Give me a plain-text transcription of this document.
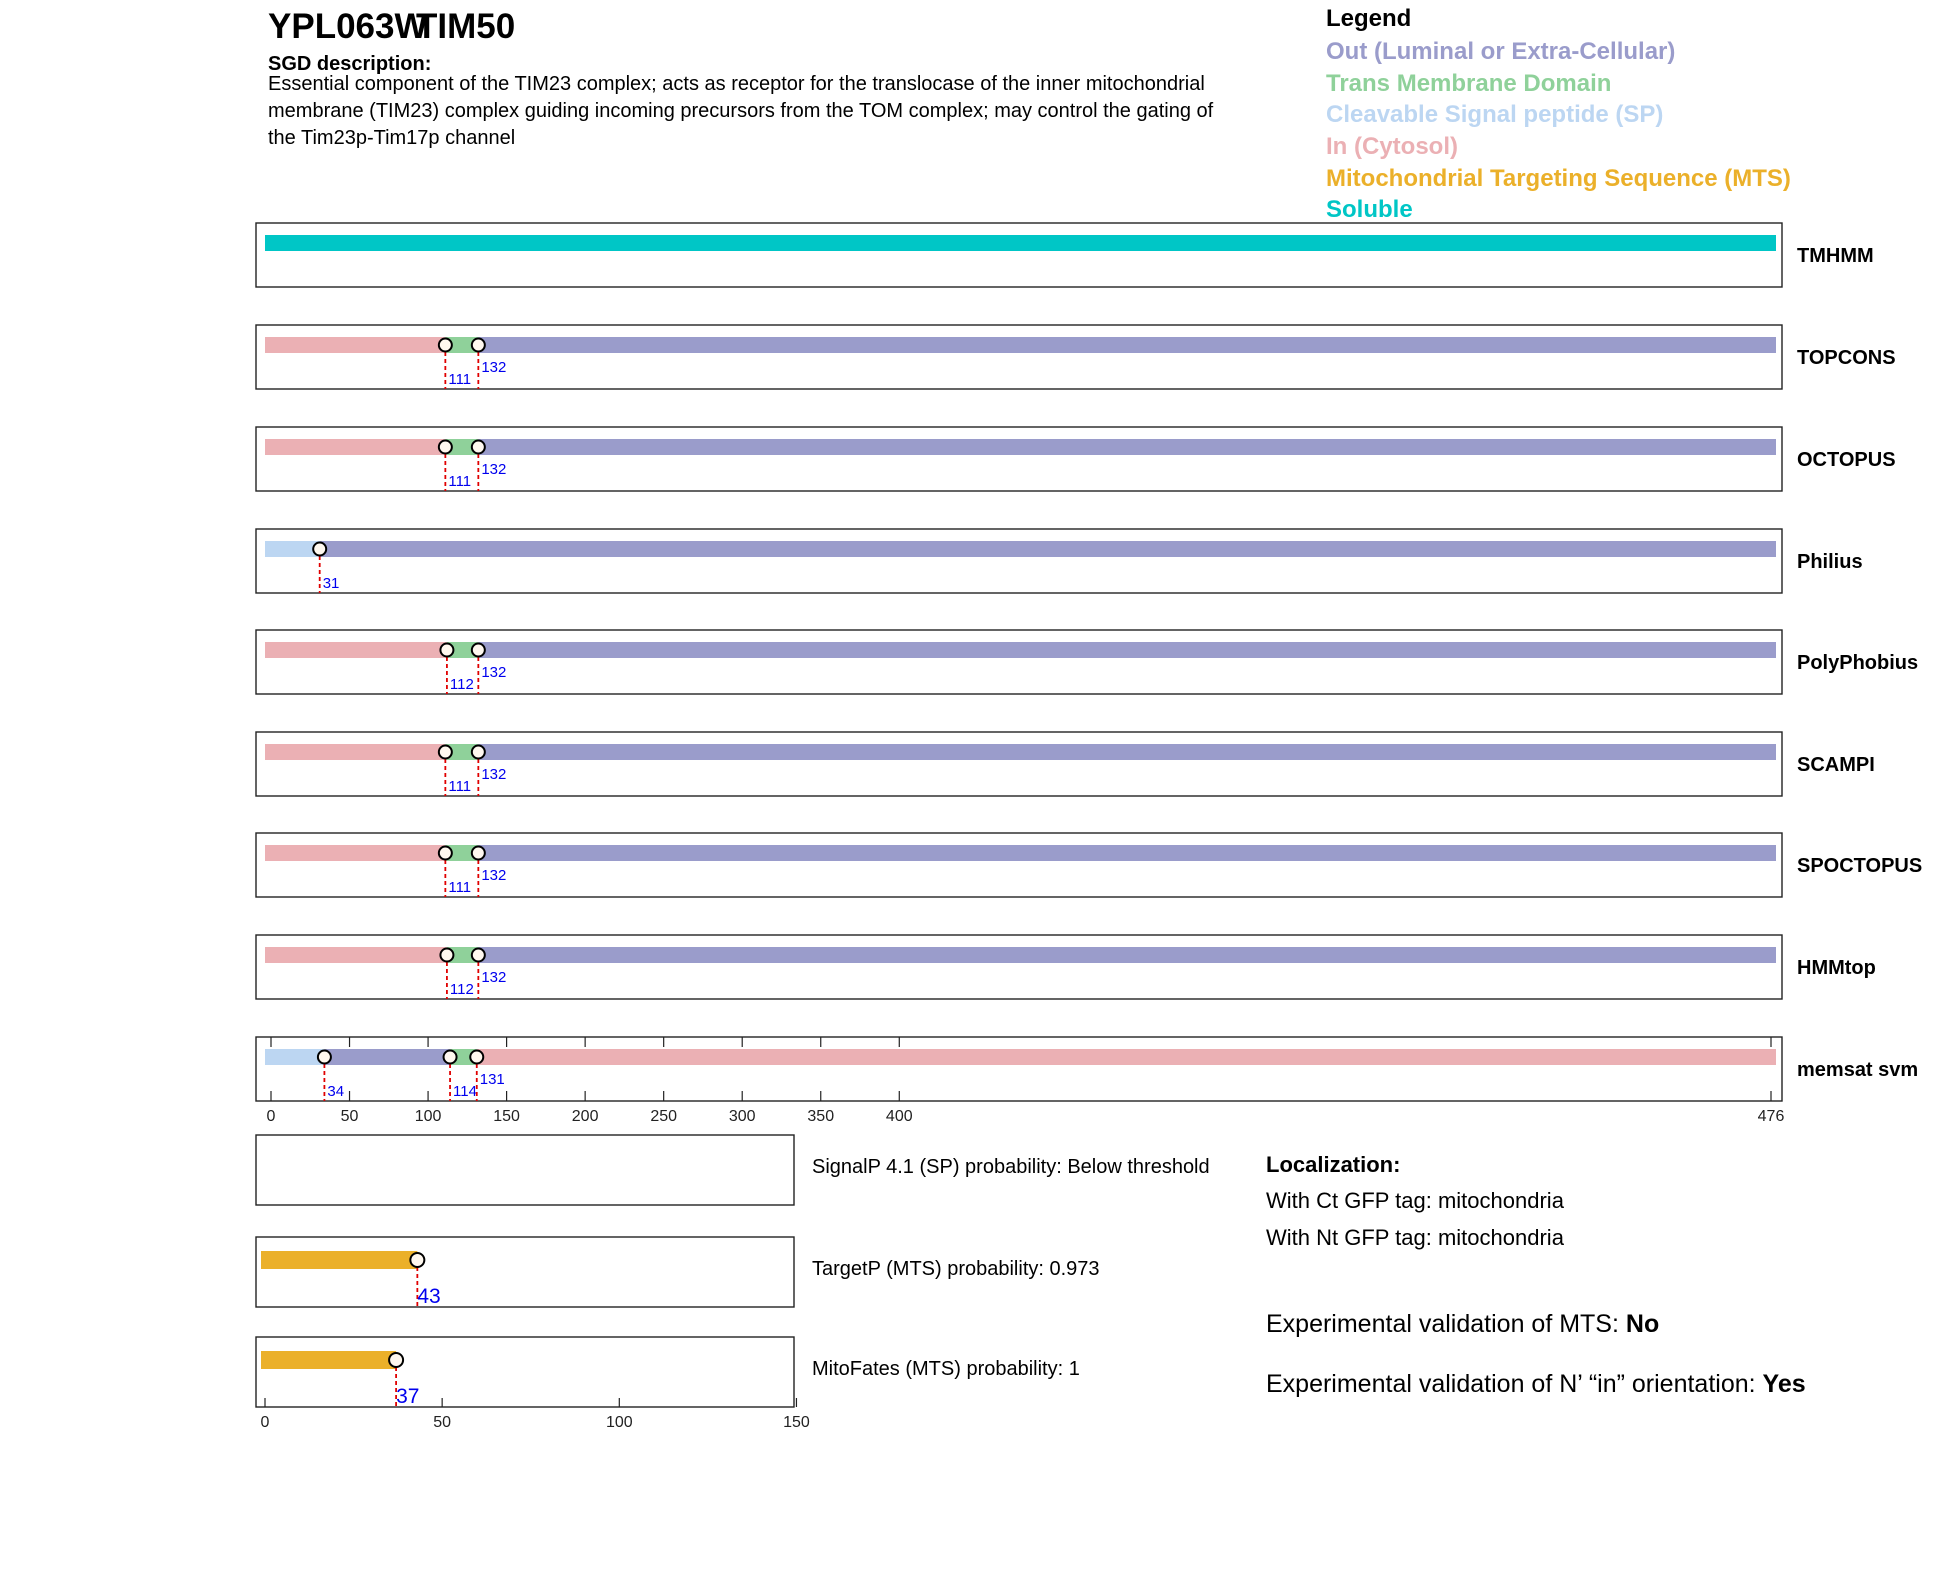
YPL063W
TIM50
SGD description:
Essential component of the TIM23 complex; acts as receptor for the translocase of the inner mitochondrial
membrane (TIM23) complex guiding incoming precursors from the TOM complex; may control the gating of
the Tim23p-Tim17p channel
Legend
Out (Luminal or Extra-Cellular)
Trans Membrane Domain
Cleavable Signal peptide (SP)
In (Cytosol)
Mitochondrial Targeting Sequence (MTS)
Soluble
TMHMM
111
132	TOPCONS
111
132	OCTOPUS
31
Philius
112
132	PolyPhobius
111
132	SCAMPI
111
132	SPOCTOPUS
112
132	HMMtop
34	114
131	memsat svm
0	50	100	150	200	250	300	350	400	476
SignalP 4.1 (SP) probability: Below threshold
43
TargetP (MTS) probability: 0.973
37
MitoFates (MTS) probability: 1
0	50	100	150
Localization:
With Ct GFP tag: mitochondria
With Nt GFP tag: mitochondria
Experimental validation of MTS: No
Experimental validation of N’ “in” orientation: Yes
